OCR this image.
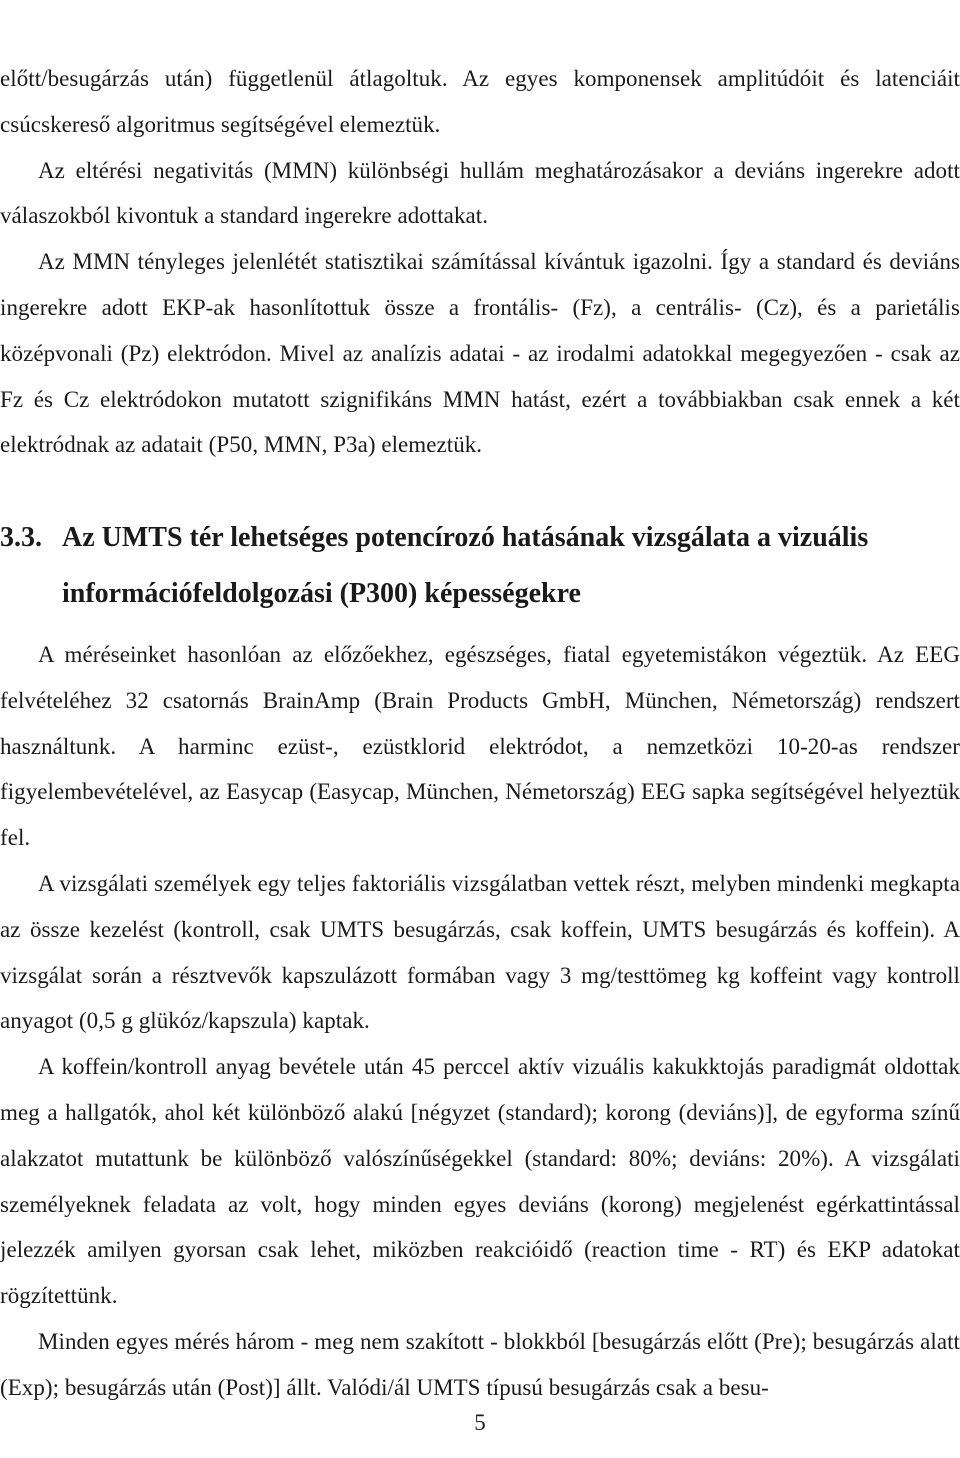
előtt/besugárzás után) függetlenül átlagoltuk. Az egyes komponensek amplitúdóit és latenciáit csúcskereső algoritmus segítségével elemeztük.

Az eltérési negativitás (MMN) különbségi hullám meghatározásakor a deviáns ingerekre adott válaszokból kivontuk a standard ingerekre adottakat.

Az MMN tényleges jelenlétét statisztikai számítással kívántuk igazolni. Így a standard és deviáns ingerekre adott EKP-ak hasonlítottuk össze a frontális- (Fz), a centrális- (Cz), és a parietális középvonali (Pz) elektródon. Mivel az analízis adatai - az irodalmi adatokkal megegyezően - csak az Fz és Cz elektródokon mutatott szignifikáns MMN hatást, ezért a továbbiakban csak ennek a két elektródnak az adatait (P50, MMN, P3a) elemeztük.

3.3. Az UMTS tér lehetséges potencírozó hatásának vizsgálata a vizuális
információfeldolgozási (P300) képességekre

A méréseinket hasonlóan az előzőekhez, egészséges, fiatal egyetemistákon végeztük. Az EEG felvételéhez 32 csatornás BrainAmp (Brain Products GmbH, München, Németország) rendszert használtunk. A harminc ezüst-, ezüstklorid elektródot, a nemzetközi 10-20-as rendszer figyelembevételével, az Easycap (Easycap, München, Németország) EEG sapka segítségével helyeztük fel.

A vizsgálati személyek egy teljes faktoriális vizsgálatban vettek részt, melyben mindenki megkapta az össze kezelést (kontroll, csak UMTS besugárzás, csak koffein, UMTS besugárzás és koffein). A vizsgálat során a résztvevők kapszulázott formában vagy 3 mg/testtömeg kg koffeint vagy kontroll anyagot (0,5 g glükóz/kapszula) kaptak.

A koffein/kontroll anyag bevétele után 45 perccel aktív vizuális kakukktojás paradigmát oldottak meg a hallgatók, ahol két különböző alakú [négyzet (standard); korong (deviáns)], de egyforma színű alakzatot mutattunk be különböző valószínűségekkel (standard: 80%; deviáns: 20%). A vizsgálati személyeknek feladata az volt, hogy minden egyes deviáns (korong) megjelenést egérkattintással jelezzék amilyen gyorsan csak lehet, miközben reakcióidő (reaction time - RT) és EKP adatokat rögzítettünk.

Minden egyes mérés három - meg nem szakított - blokkból [besugárzás előtt (Pre); besugárzás alatt (Exp); besugárzás után (Post)] állt. Valódi/ál UMTS típusú besugárzás csak a besu-

5
